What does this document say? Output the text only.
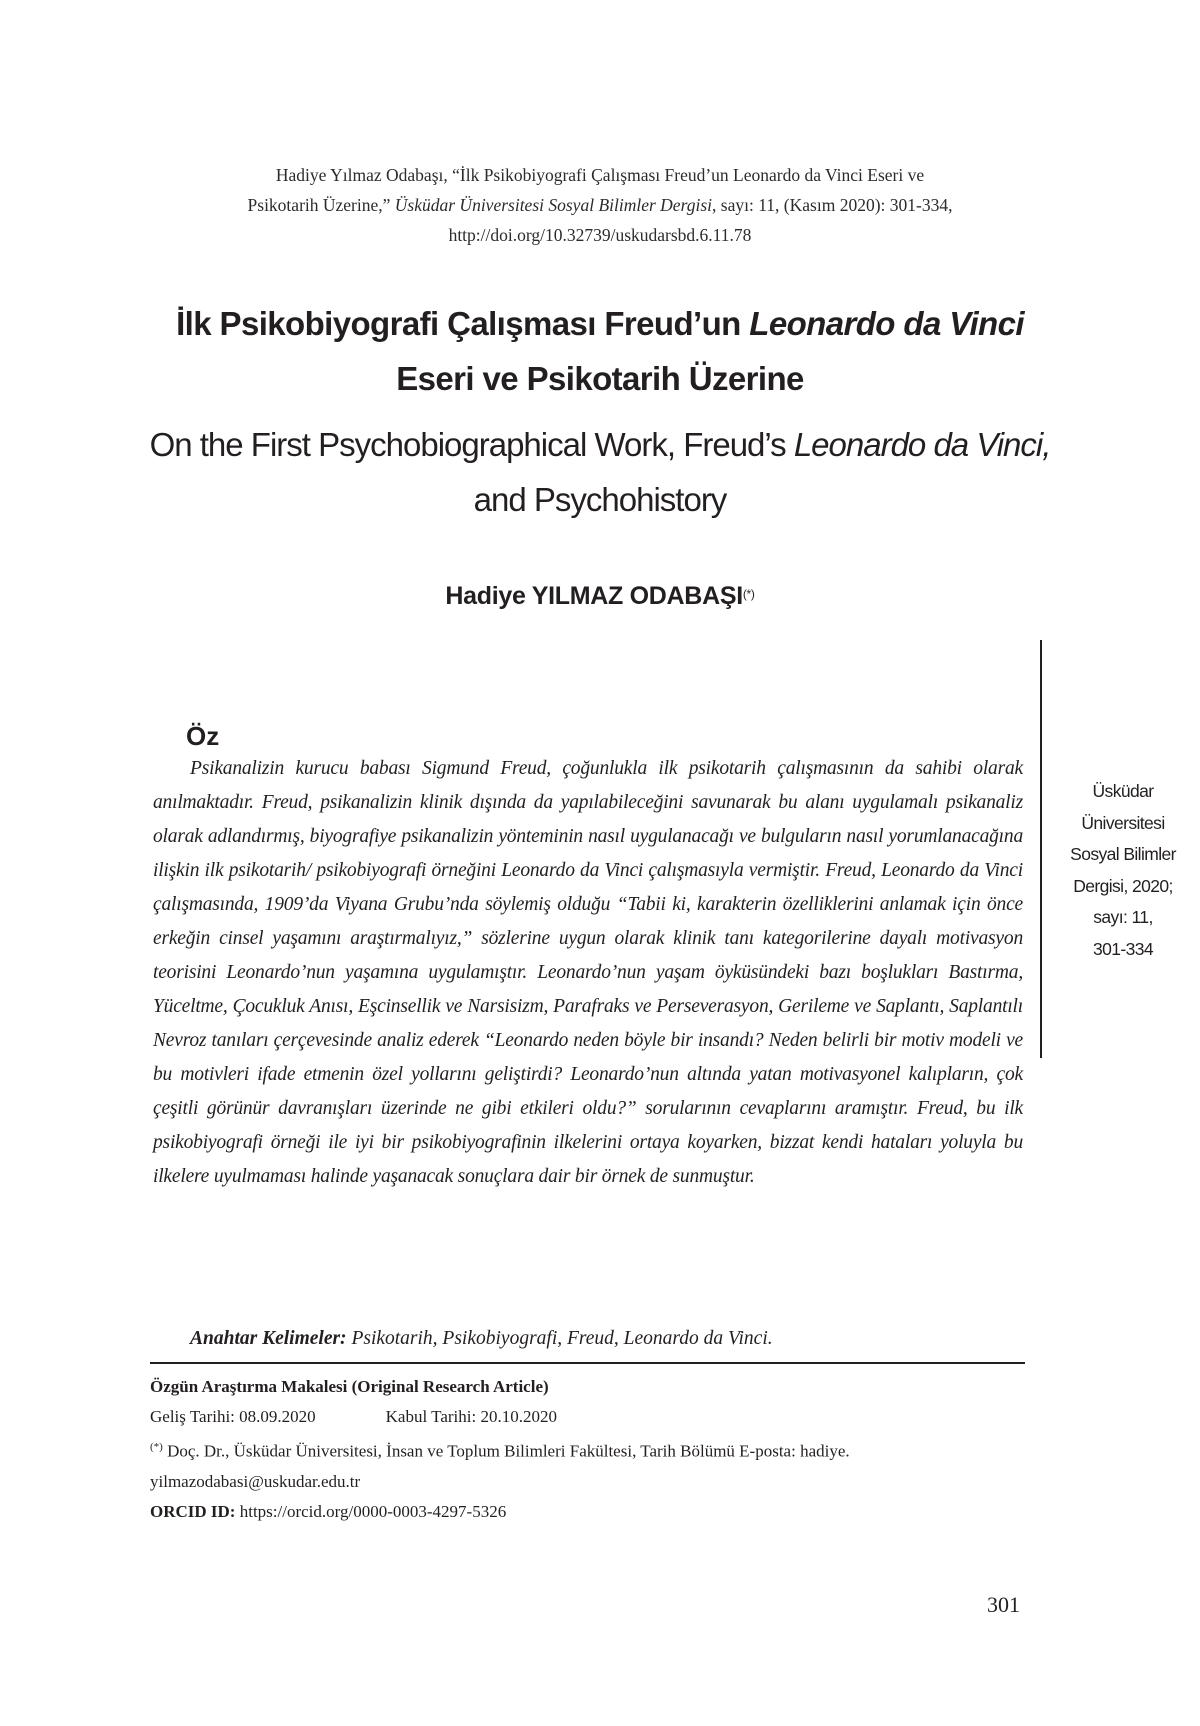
Hadiye Yılmaz Odabaşı, “İlk Psikobiyografi Çalışması Freud’un Leonardo da Vinci Eseri ve
Psikotarih Üzerine,” Üsküdar Üniversitesi Sosyal Bilimler Dergisi, sayı: 11, (Kasım 2020): 301-334,
http://doi.org/10.32739/uskudarsbd.6.11.78
İlk Psikobiyografi Çalışması Freud’un Leonardo da Vinci
Eseri ve Psikotarih Üzerine
On the First Psychobiographical Work, Freud’s Leonardo da Vinci,
and Psychohistory
Hadiye YILMAZ ODABAŞI(*)
Üsküdar
Üniversitesi
Sosyal Bilimler
Dergisi, 2020;
sayı: 11,
301-334
Öz

Psikanalizin kurucu babası Sigmund Freud, çoğunlukla ilk psikotarih çalışmasının da sahibi olarak anılmaktadır. Freud, psikanalizin klinik dışında da yapılabileceğini savunarak bu alanı uygulamalı psikanaliz olarak adlandırmış, biyografiye psikanalizin yönteminin nasıl uygulanacağı ve bulguların nasıl yorumlanacağına ilişkin ilk psikotarih/ psikobiyografi örneğini Leonardo da Vinci çalışmasıyla vermiştir. Freud, Leonardo da Vinci çalışmasında, 1909’da Viyana Grubu’nda söylemiş olduğu “Tabii ki, karakterin özelliklerini anlamak için önce erkeğin cinsel yaşamını araştırmalıyız,” sözlerine uygun olarak klinik tanı kategorilerine dayalı motivasyon teorisini Leonardo’nun yaşamına uygulamıştır. Leonardo’nun yaşam öyküsündeki bazı boşlukları Bastırma, Yüceltme, Çocukluk Anısı, Eşcinsellik ve Narsisizm, Parafraks ve Perseverasyon, Gerileme ve Saplantı, Saplantılı Nevroz tanıları çerçevesinde analiz ederek “Leonardo neden böyle bir insandı? Neden belirli bir motiv modeli ve bu motivleri ifade etmenin özel yollarını geliştirdi? Leonardo’nun altında yatan motivasyonel kalıpların, çok çeşitli görünür davranışları üzerinde ne gibi etkileri oldu?” sorularının cevaplarını aramıştır. Freud, bu ilk psikobiyografi örneği ile iyi bir psikobiyografinin ilkelerini ortaya koyarken, bizzat kendi hataları yoluyla bu ilkelere uyulmaması halinde yaşanacak sonuçlara dair bir örnek de sunmuştur.

Anahtar Kelimeler: Psikotarih, Psikobiyografi, Freud, Leonardo da Vinci.

Özgün Araştırma Makalesi (Original Research Article)
Geliş Tarihi: 08.09.2020	Kabul Tarihi: 20.10.2020
(*) Doç. Dr., Üsküdar Üniversitesi, İnsan ve Toplum Bilimleri Fakültesi, Tarih Bölümü E-posta: hadiye.
yilmazodabasi@uskudar.edu.tr
ORCID ID: https://orcid.org/0000-0003-4297-5326
301
